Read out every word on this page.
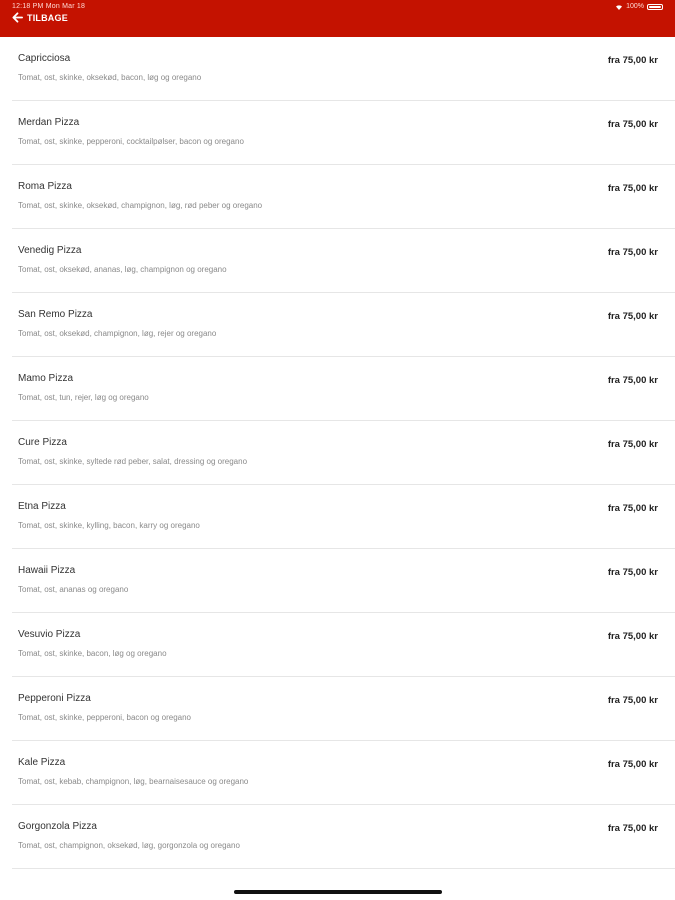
12:18 PM Mon Mar 18	100%
TILBAGE
Capricciosa
Tomat, ost, skinke, oksekød, bacon, løg og oregano
fra 75,00 kr
Merdan Pizza
Tomat, ost, skinke, pepperoni, cocktailpølser, bacon og oregano
fra 75,00 kr
Roma Pizza
Tomat, ost, skinke, oksekød, champignon, løg, rød peber og oregano
fra 75,00 kr
Venedig Pizza
Tomat, ost, oksekød, ananas, løg, champignon og oregano
fra 75,00 kr
San Remo Pizza
Tomat, ost, oksekød, champignon, løg, rejer og oregano
fra 75,00 kr
Mamo Pizza
Tomat, ost, tun, rejer, løg og oregano
fra 75,00 kr
Cure Pizza
Tomat, ost, skinke, syltede rød peber, salat, dressing og oregano
fra 75,00 kr
Etna Pizza
Tomat, ost, skinke, kylling, bacon, karry og oregano
fra 75,00 kr
Hawaii Pizza
Tomat, ost, ananas og oregano
fra 75,00 kr
Vesuvio Pizza
Tomat, ost, skinke, bacon, løg og oregano
fra 75,00 kr
Pepperoni Pizza
Tomat, ost, skinke, pepperoni, bacon og oregano
fra 75,00 kr
Kale Pizza
Tomat, ost, kebab, champignon, løg, bearnaisesauce og oregano
fra 75,00 kr
Gorgonzola Pizza
Tomat, ost, champignon, oksekød, løg, gorgonzola og oregano
fra 75,00 kr
